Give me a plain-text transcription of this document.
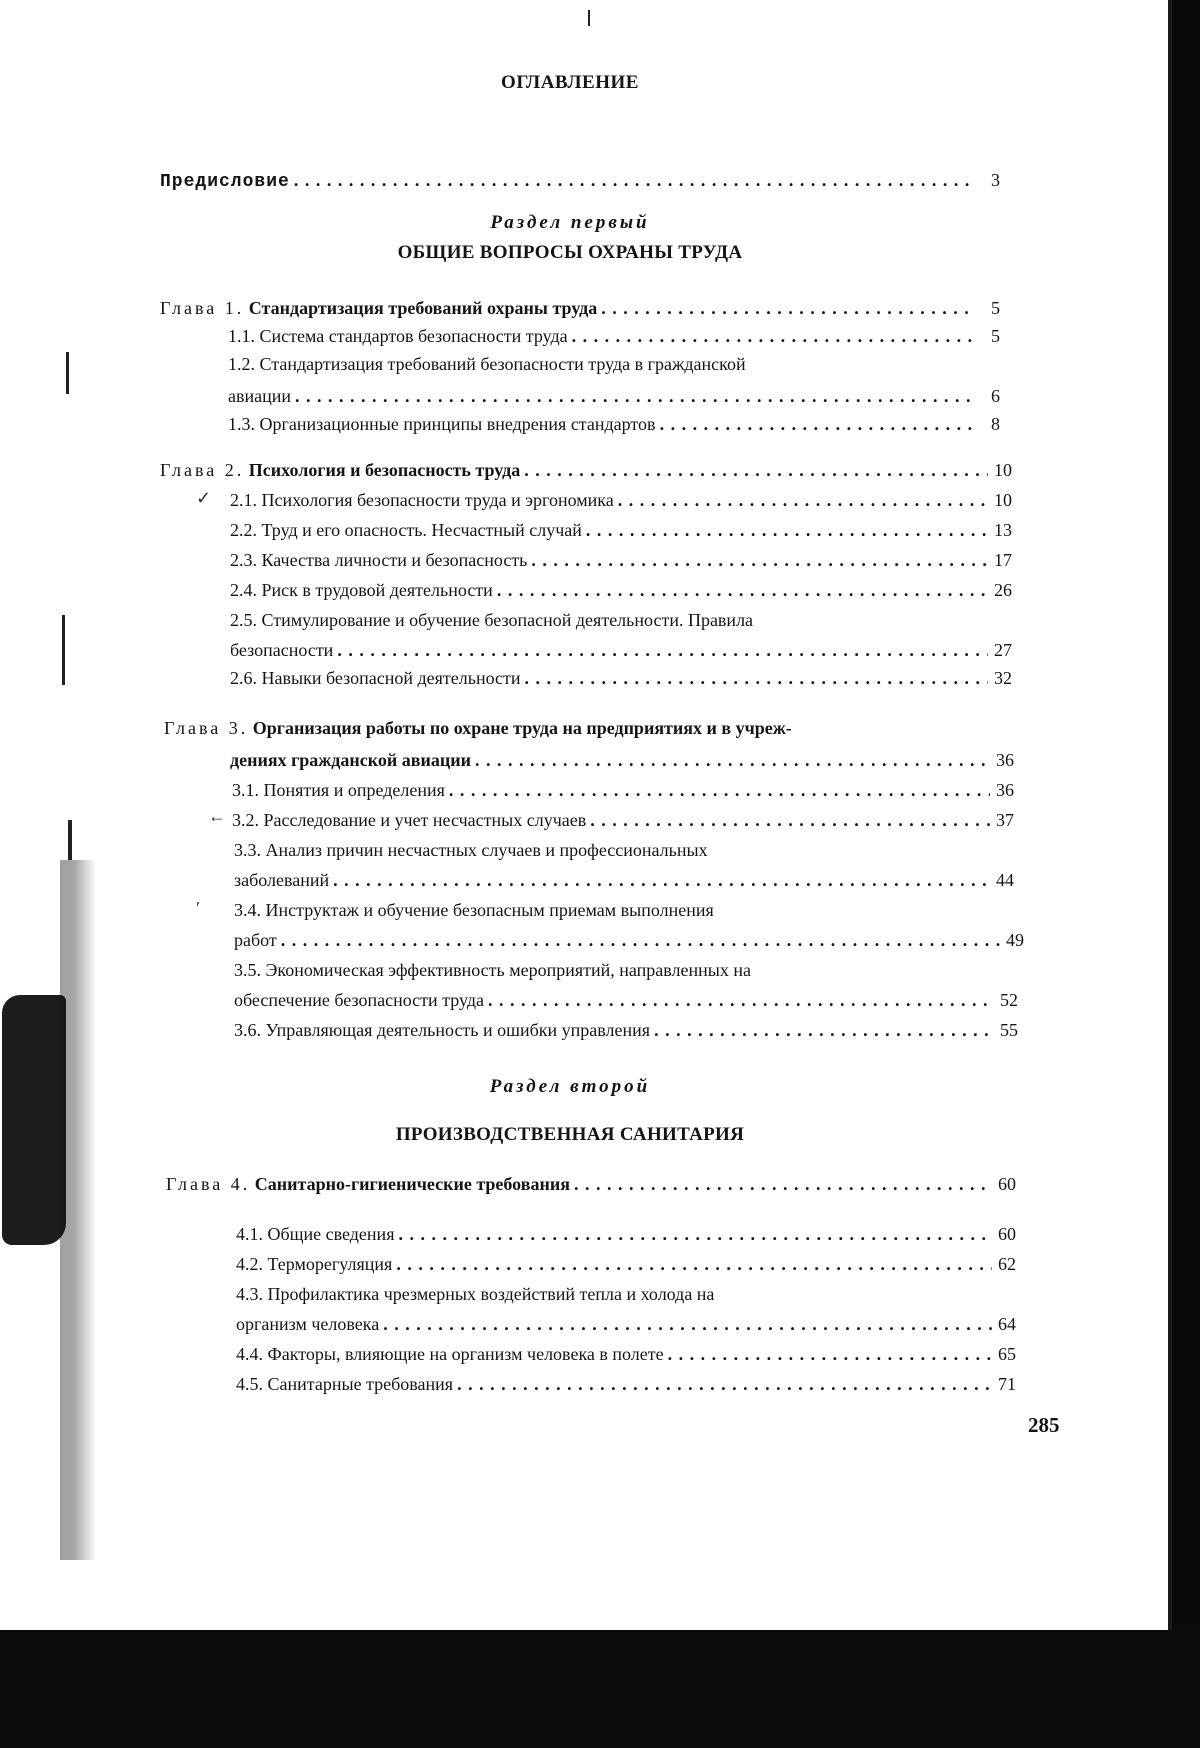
ОГЛАВЛЕНИЕ
Предисловие . . .	3
Раздел первый
ОБЩИЕ ВОПРОСЫ ОХРАНЫ ТРУДА
Глава 1. Стандартизация требований охраны труда . . .	5
1.1. Система стандартов безопасности труда . . .	5
1.2. Стандартизация требований безопасности труда в гражданской
авиации . . .	6
1.3. Организационные принципы внедрения стандартов . . .	8
Глава 2. Психология и безопасность труда . . .	10
✓ 2.1. Психология безопасности труда и эргономика . . .	10
2.2. Труд и его опасность. Несчастный случай . . .	13
2.3. Качества личности и безопасность . . .	17
2.4. Риск в трудовой деятельности . . .	26
2.5. Стимулирование и обучение безопасной деятельности. Правила
безопасности . . .	27
2.6. Навыки безопасной деятельности . . .	32
Глава 3. Организация работы по охране труда на предприятиях и в учреж-
дениях гражданской авиации . . .	36
3.1. Понятия и определения . . .	36
← 3.2. Расследование и учет несчастных случаев . . .	37
3.3. Анализ причин несчастных случаев и профессиональных
заболеваний . . .	44
′ 3.4. Инструктаж и обучение безопасным приемам выполнения
работ . . .	49
3.5. Экономическая эффективность мероприятий, направленных на
обеспечение безопасности труда . . .	52
3.6. Управляющая деятельность и ошибки управления . . .	55
Раздел второй
ПРОИЗВОДСТВЕННАЯ САНИТАРИЯ
Глава 4. Санитарно-гигиенические требования . . .	60
4.1. Общие сведения . . .	60
4.2. Терморегуляция . . .	62
4.3. Профилактика чрезмерных воздействий тепла и холода на
организм человека . . .	64
4.4. Факторы, влияющие на организм человека в полете . . .	65
4.5. Санитарные требования . . .	71
285
